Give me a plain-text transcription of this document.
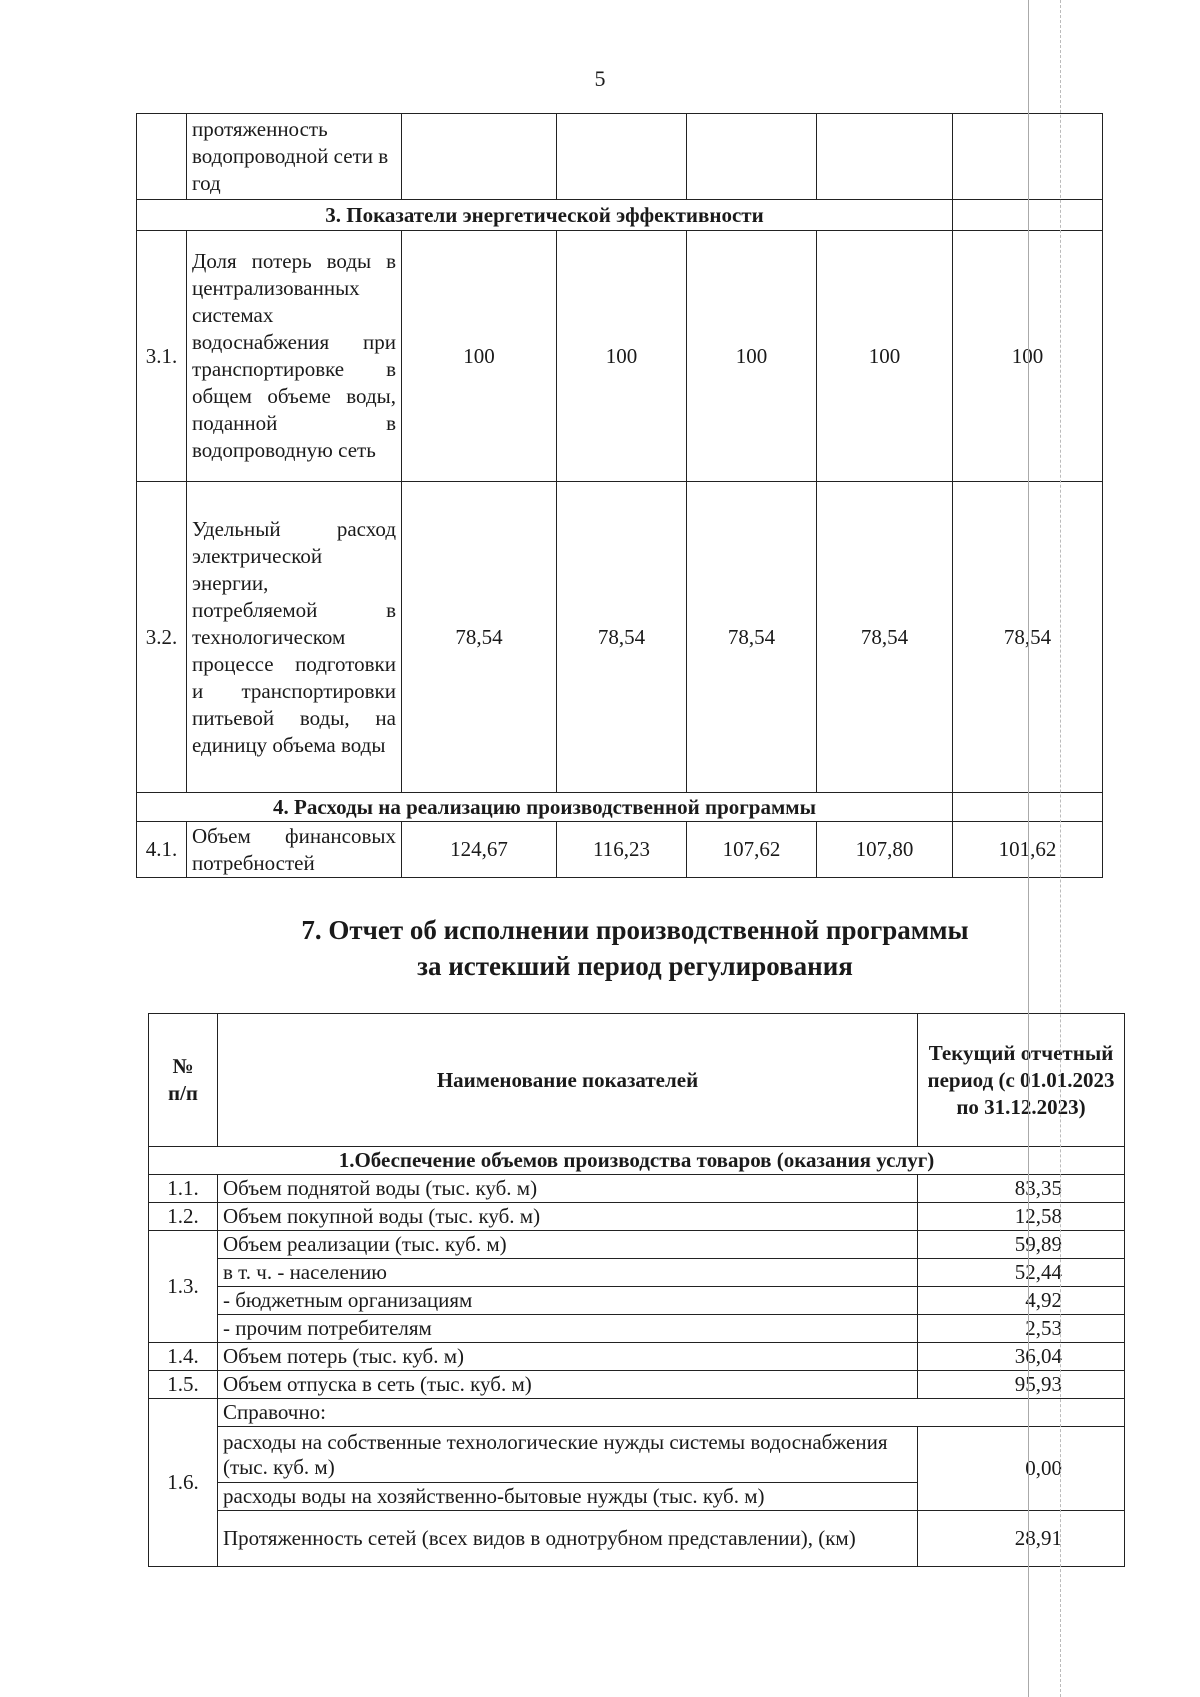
5
	протяженность водопроводной сети в год					
3. Показатели энергетической эффективности						
3.1.	Доля потерь воды в централизованных системах водоснабжения при транспортировке в общем объеме воды, поданной в водопроводную сеть	100	100	100	100	100
3.2.	Удельный расход электрической энергии, потребляемой в технологическом процессе подготовки и транспортировки питьевой воды, на единицу объема воды	78,54	78,54	78,54	78,54	78,54
4. Расходы на реализацию производственной программы						
4.1.	Объем финансовых потребностей	124,67	116,23	107,62	107,80	101,62
7. Отчет об исполнении производственной программы
за истекший период регулирования
№ п/п	Наименование показателей	Текущий отчетный период (с 01.01.2023 по 31.12.2023)
1.Обеспечение объемов производства товаров (оказания услуг)		
1.1.	Объем поднятой воды (тыс. куб. м)	83,35
1.2.	Объем покупной воды (тыс. куб. м)	12,58
1.3.	Объем реализации (тыс. куб. м)	59,89
	в т. ч. - населению	52,44
	- бюджетным организациям	4,92
	- прочим потребителям	2,53
1.4.	Объем потерь (тыс. куб. м)	36,04
1.5.	Объем отпуска в сеть (тыс. куб. м)	95,93
1.6.	Справочно:	
	расходы на собственные технологические нужды системы водоснабжения (тыс. куб. м)	0,00
	расходы воды на хозяйственно-бытовые нужды (тыс. куб. м)	
	Протяженность сетей (всех видов в однотрубном представлении), (км)	28,91
